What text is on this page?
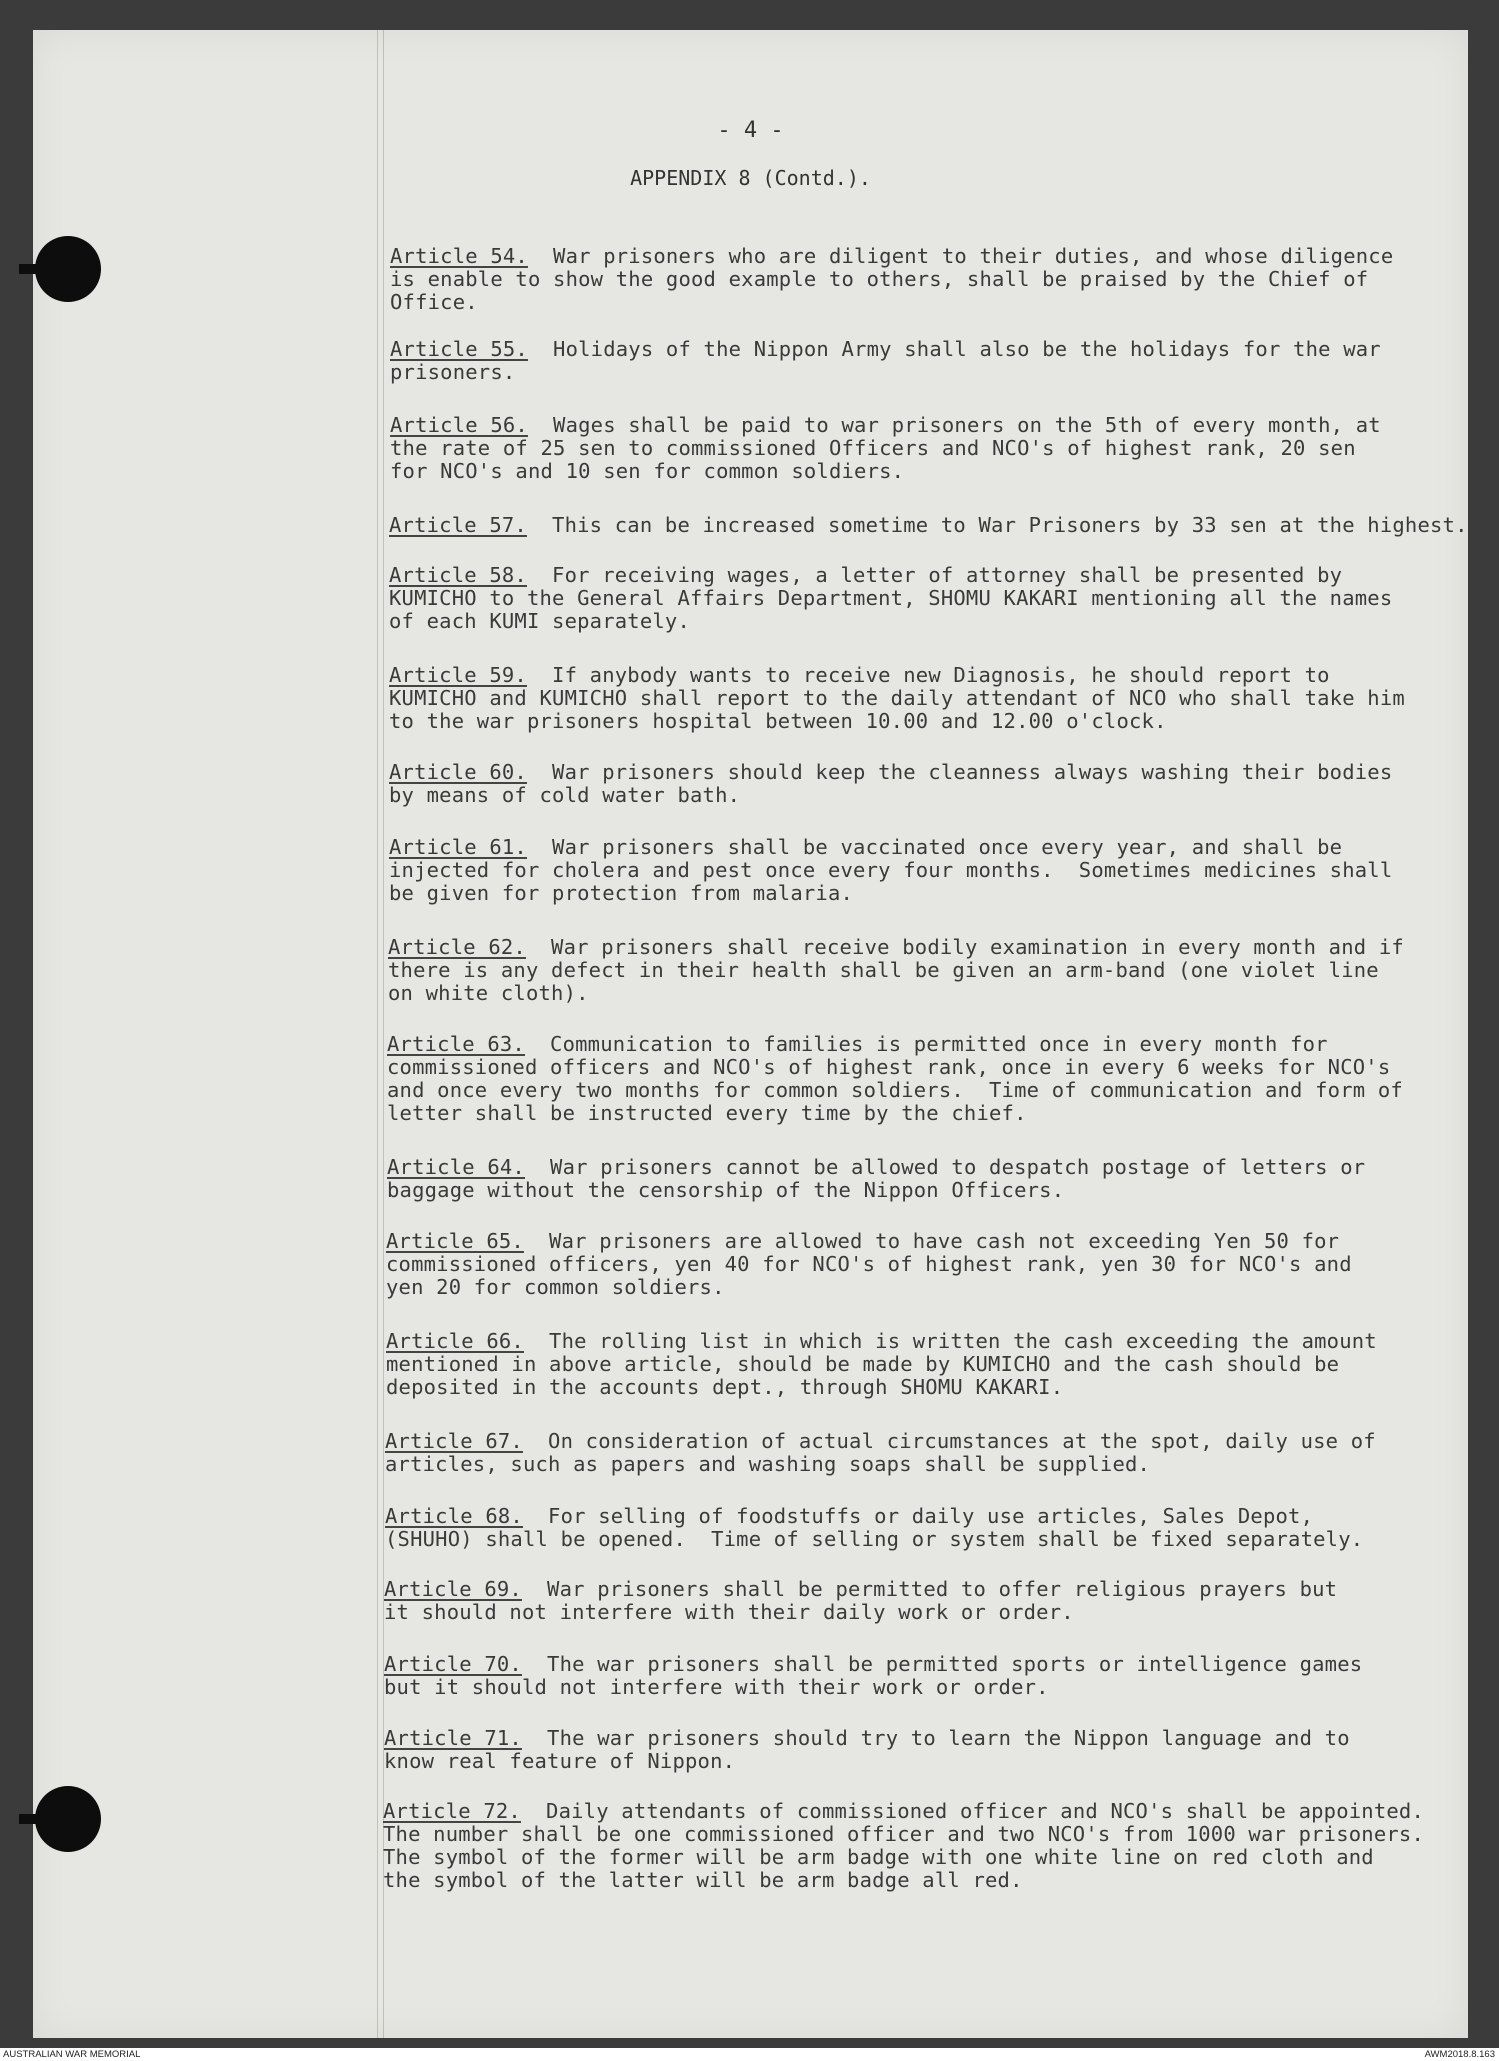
- 4 -
APPENDIX 8 (Contd.).
Article 54.  War prisoners who are diligent to their duties, and whose diligence
is enable to show the good example to others, shall be praised by the Chief of
Office.
Article 55.  Holidays of the Nippon Army shall also be the holidays for the war
prisoners.
Article 56.  Wages shall be paid to war prisoners on the 5th of every month, at
the rate of 25 sen to commissioned Officers and NCO's of highest rank, 20 sen
for NCO's and 10 sen for common soldiers.
Article 57.  This can be increased sometime to War Prisoners by 33 sen at the highest.
Article 58.  For receiving wages, a letter of attorney shall be presented by
KUMICHO to the General Affairs Department, SHOMU KAKARI mentioning all the names
of each KUMI separately.
Article 59.  If anybody wants to receive new Diagnosis, he should report to
KUMICHO and KUMICHO shall report to the daily attendant of NCO who shall take him
to the war prisoners hospital between 10.00 and 12.00 o'clock.
Article 60.  War prisoners should keep the cleanness always washing their bodies
by means of cold water bath.
Article 61.  War prisoners shall be vaccinated once every year, and shall be
injected for cholera and pest once every four months.  Sometimes medicines shall
be given for protection from malaria.
Article 62.  War prisoners shall receive bodily examination in every month and if
there is any defect in their health shall be given an arm-band (one violet line
on white cloth).
Article 63.  Communication to families is permitted once in every month for
commissioned officers and NCO's of highest rank, once in every 6 weeks for NCO's
and once every two months for common soldiers.  Time of communication and form of
letter shall be instructed every time by the chief.
Article 64.  War prisoners cannot be allowed to despatch postage of letters or
baggage without the censorship of the Nippon Officers.
Article 65.  War prisoners are allowed to have cash not exceeding Yen 50 for
commissioned officers, yen 40 for NCO's of highest rank, yen 30 for NCO's and
yen 20 for common soldiers.
Article 66.  The rolling list in which is written the cash exceeding the amount
mentioned in above article, should be made by KUMICHO and the cash should be
deposited in the accounts dept., through SHOMU KAKARI.
Article 67.  On consideration of actual circumstances at the spot, daily use of
articles, such as papers and washing soaps shall be supplied.
Article 68.  For selling of foodstuffs or daily use articles, Sales Depot,
(SHUHO) shall be opened.  Time of selling or system shall be fixed separately.
Article 69.  War prisoners shall be permitted to offer religious prayers but
it should not interfere with their daily work or order.
Article 70.  The war prisoners shall be permitted sports or intelligence games
but it should not interfere with their work or order.
Article 71.  The war prisoners should try to learn the Nippon language and to
know real feature of Nippon.
Article 72.  Daily attendants of commissioned officer and NCO's shall be appointed.
The number shall be one commissioned officer and two NCO's from 1000 war prisoners.
The symbol of the former will be arm badge with one white line on red cloth and
the symbol of the latter will be arm badge all red.
AUSTRALIAN WAR MEMORIAL	AWM2018.8.163
